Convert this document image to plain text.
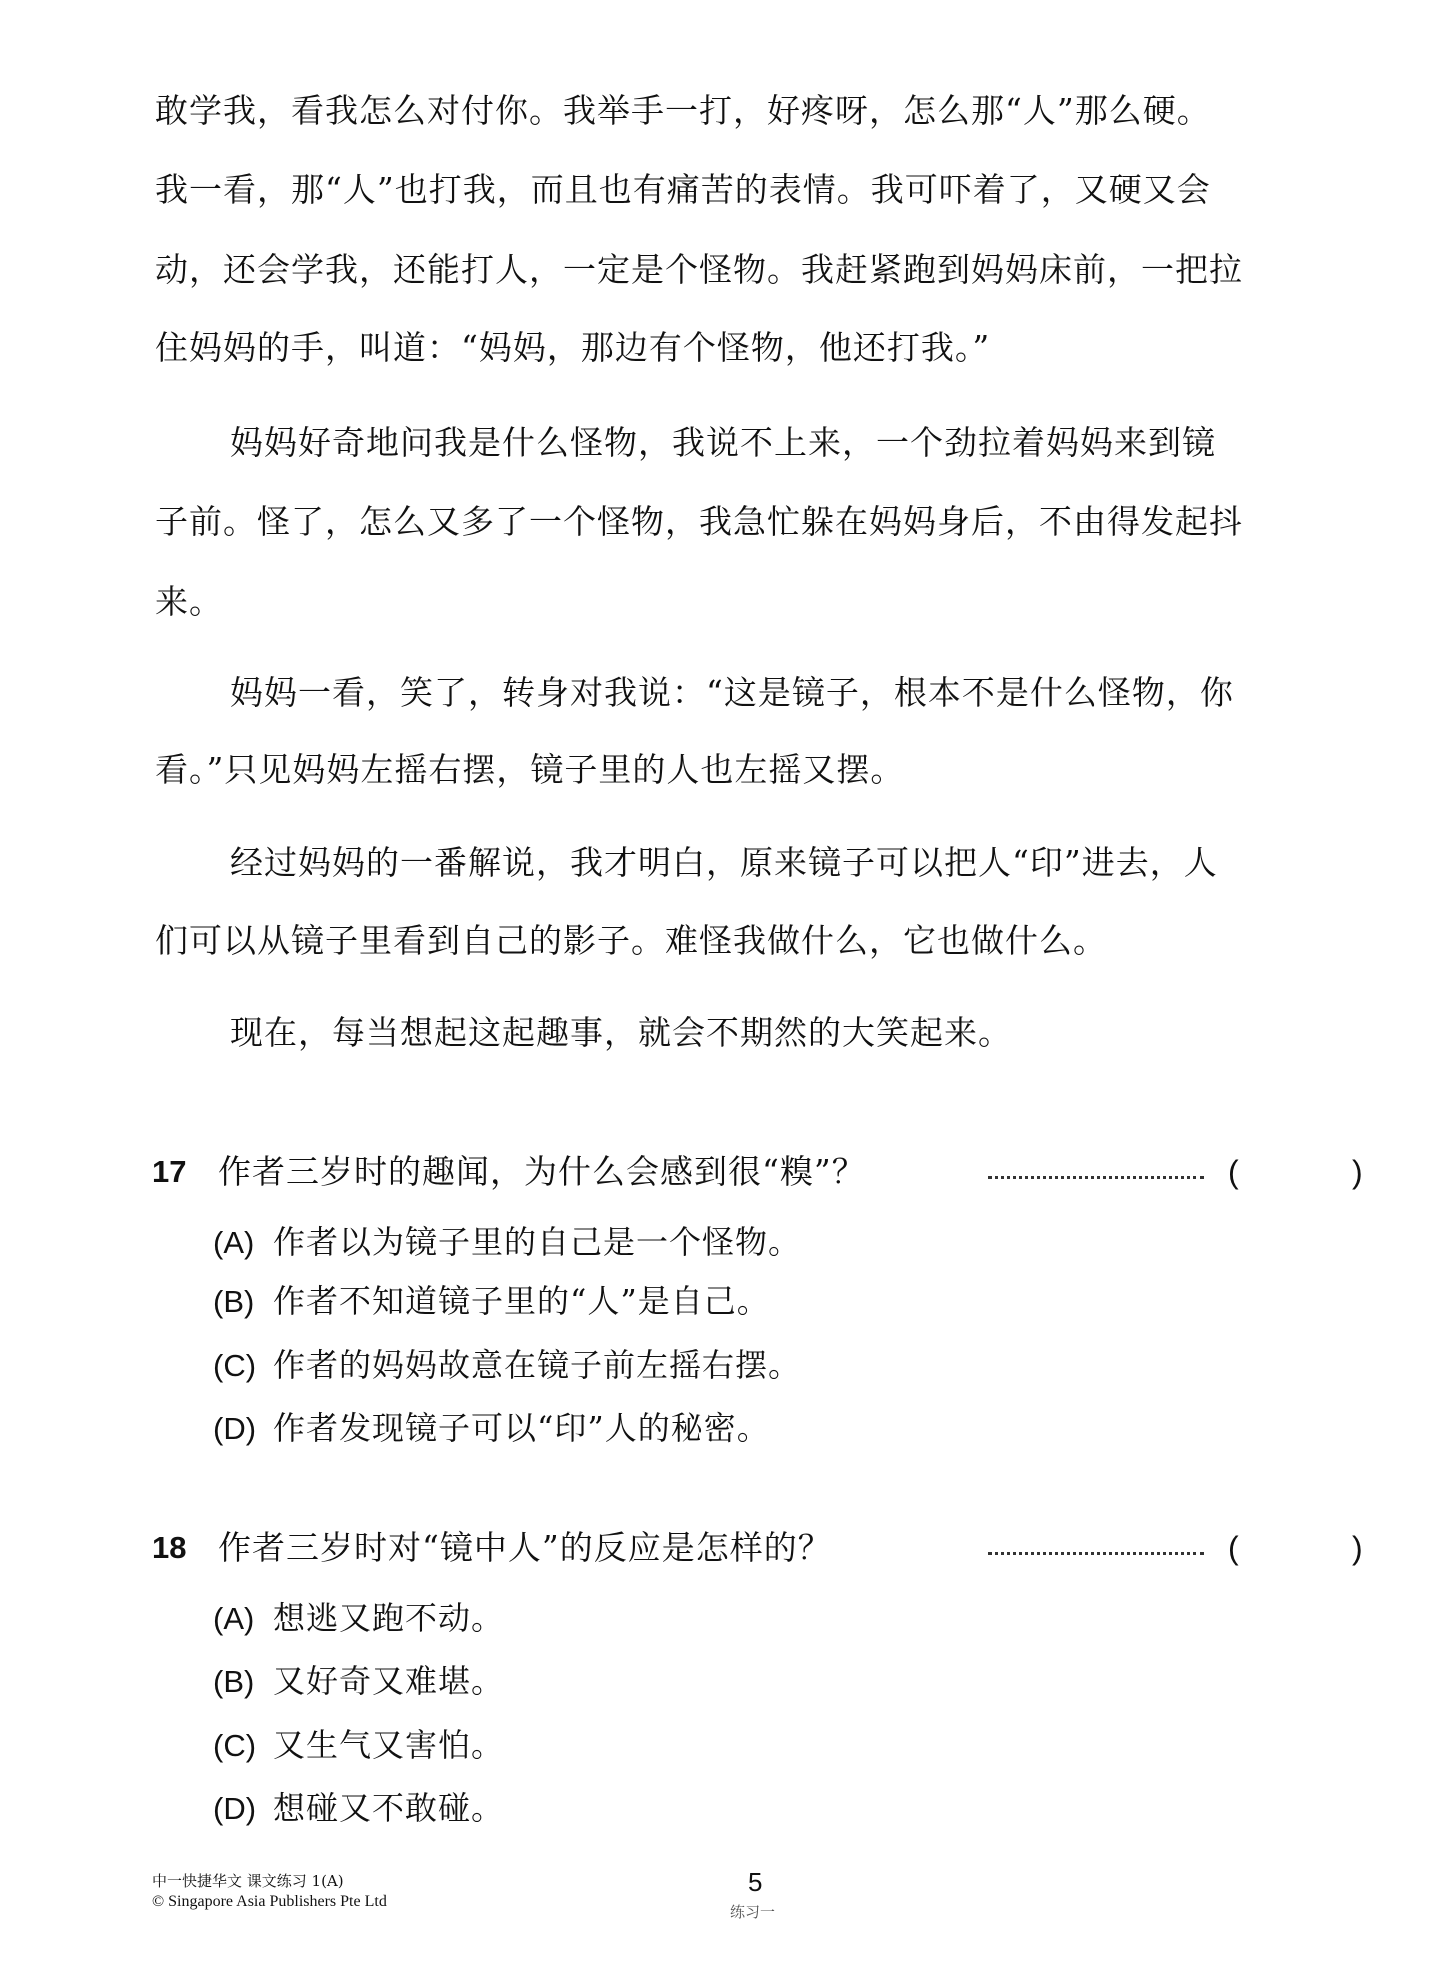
敢学我，看我怎么对付你。我举手一打，好疼呀，怎么那“人”那么硬。
我一看，那“人”也打我，而且也有痛苦的表情。我可吓着了，又硬又会
动，还会学我，还能打人，一定是个怪物。我赶紧跑到妈妈床前，一把拉
住妈妈的手，叫道：“妈妈，那边有个怪物，他还打我。”
妈妈好奇地问我是什么怪物，我说不上来，一个劲拉着妈妈来到镜
子前。怪了，怎么又多了一个怪物，我急忙躲在妈妈身后，不由得发起抖
来。
妈妈一看，笑了，转身对我说：“这是镜子，根本不是什么怪物，你
看。”只见妈妈左摇右摆，镜子里的人也左摇又摆。
经过妈妈的一番解说，我才明白，原来镜子可以把人“印”进去，人
们可以从镜子里看到自己的影子。难怪我做什么，它也做什么。
现在，每当想起这起趣事，就会不期然的大笑起来。
17 作者三岁时的趣闻，为什么会感到很“糗”？	(	)
(A) 作者以为镜子里的自己是一个怪物。
(B) 作者不知道镜子里的“人”是自己。
(C) 作者的妈妈故意在镜子前左摇右摆。
(D) 作者发现镜子可以“印”人的秘密。
18 作者三岁时对“镜中人”的反应是怎样的？	(	)
(A) 想逃又跑不动。
(B) 又好奇又难堪。
(C) 又生气又害怕。
(D) 想碰又不敢碰。
中一快捷华文 课文练习 1(A)
© Singapore Asia Publishers Pte Ltd
5
练习一
